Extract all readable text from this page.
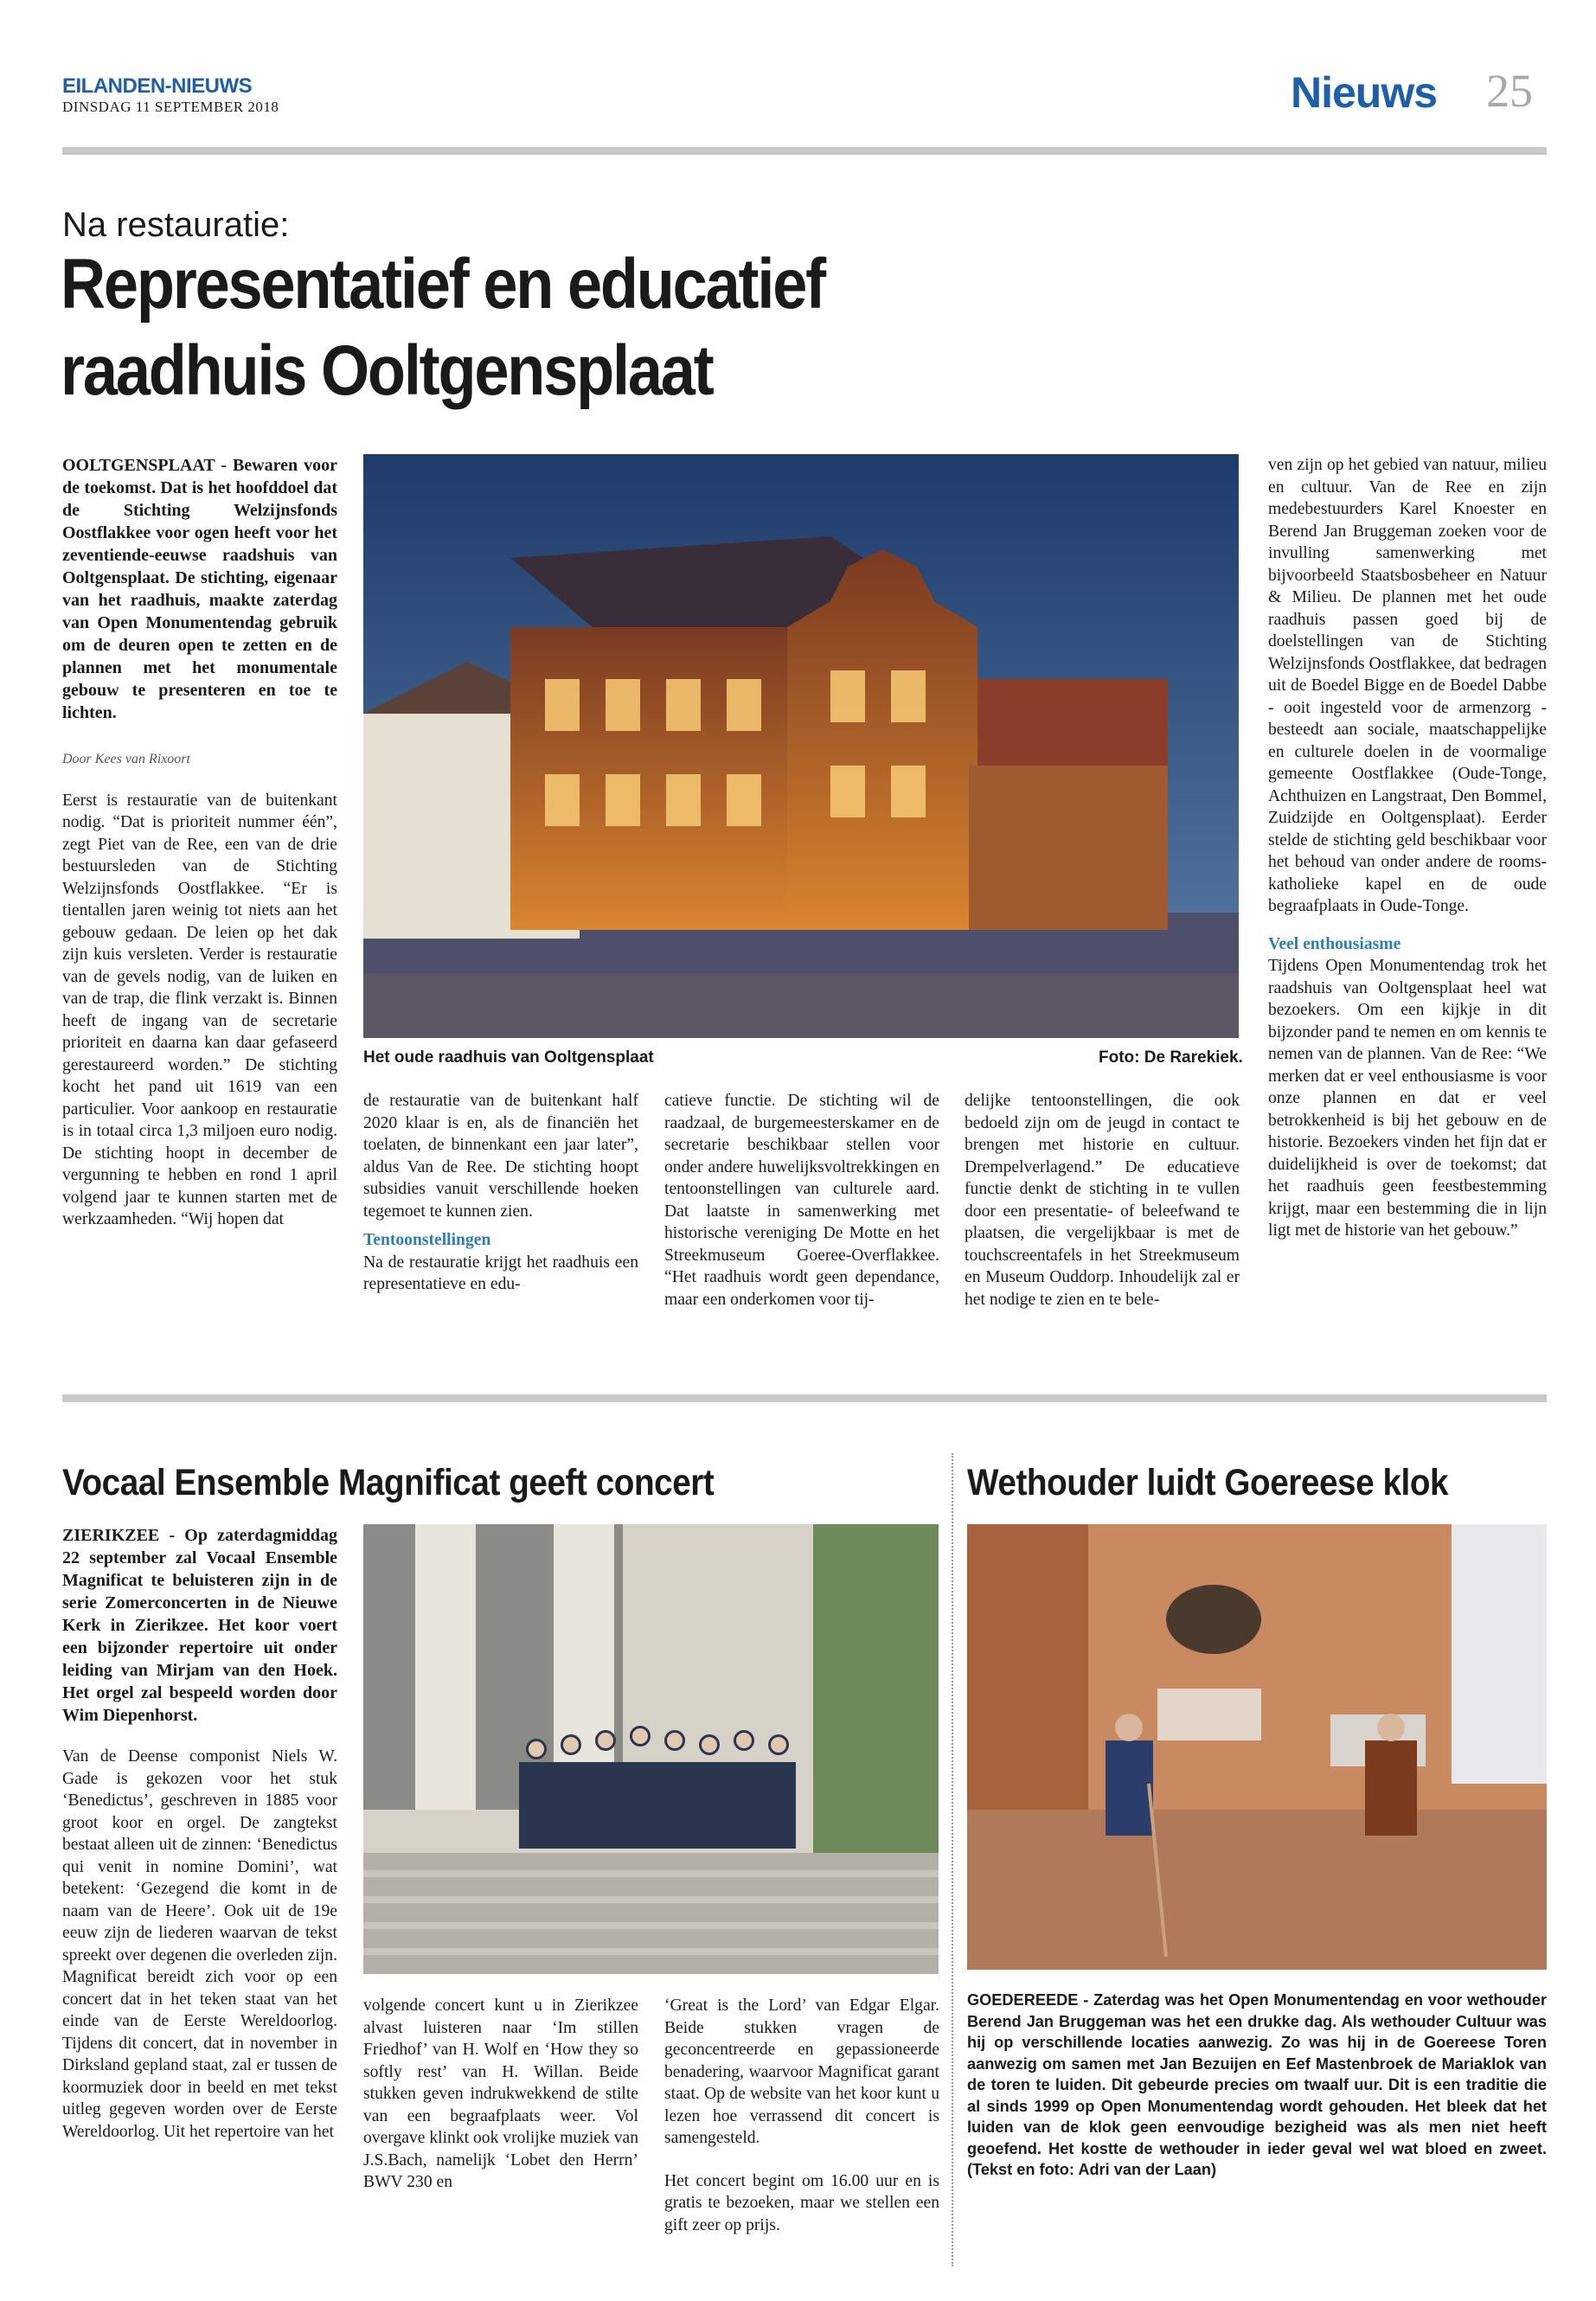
EILANDEN-NIEUWS
DINSDAG 11 SEPTEMBER 2018	Nieuws 25
Na restauratie:
Representatief en educatief
raadhuis Ooltgensplaat

OOLTGENSPLAAT - Bewaren voor de toekomst. Dat is het hoofddoel dat de Stichting Welzijnsfonds Oostflakkee voor ogen heeft voor het zeventiende-eeuwse raadshuis van Ooltgensplaat. De stichting, eigenaar van het raadhuis, maakte zaterdag van Open Monumentendag gebruik om de deuren open te zetten en de plannen met het monumentale gebouw te presenteren en toe te lichten.

Door Kees van Rixoort

Eerst is restauratie van de buitenkant nodig. “Dat is prioriteit nummer één”, zegt Piet van de Ree, een van de drie bestuursleden van de Stichting Welzijnsfonds Oostflakkee. “Er is tientallen jaren weinig tot niets aan het gebouw gedaan. De leien op het dak zijn kuis versleten. Verder is restauratie van de gevels nodig, van de luiken en van de trap, die flink verzakt is. Binnen heeft de ingang van de secretarie prioriteit en daarna kan daar gefaseerd gerestaureerd worden.” De stichting kocht het pand uit 1619 van een particulier. Voor aankoop en restauratie is in totaal circa 1,3 miljoen euro nodig. De stichting hoopt in december de vergunning te hebben en rond 1 april volgend jaar te kunnen starten met de werkzaamheden. “Wij hopen dat

Het oude raadhuis van Ooltgensplaat	Foto: De Rarekiek.

de restauratie van de buitenkant half 2020 klaar is en, als de financiën het toelaten, de binnenkant een jaar later”, aldus Van de Ree. De stichting hoopt subsidies vanuit verschillende hoeken tegemoet te kunnen zien.

Tentoonstellingen

Na de restauratie krijgt het raadhuis een representatieve en edu-

catieve functie. De stichting wil de raadzaal, de burgemeesterskamer en de secretarie beschikbaar stellen voor onder andere huwelijksvoltrekkingen en tentoonstellingen van culturele aard. Dat laatste in samenwerking met historische vereniging De Motte en het Streekmuseum Goeree-Overflakkee. “Het raadhuis wordt geen dependance, maar een onderkomen voor tij-

delijke tentoonstellingen, die ook bedoeld zijn om de jeugd in contact te brengen met historie en cultuur. Drempelverlagend.” De educatieve functie denkt de stichting in te vullen door een presentatie- of beleefwand te plaatsen, die vergelijkbaar is met de touchscreentafels in het Streekmuseum en Museum Ouddorp. Inhoudelijk zal er het nodige te zien en te bele-

ven zijn op het gebied van natuur, milieu en cultuur. Van de Ree en zijn medebestuurders Karel Knoester en Berend Jan Bruggeman zoeken voor de invulling samenwerking met bijvoorbeeld Staatsbosbeheer en Natuur & Milieu. De plannen met het oude raadhuis passen goed bij de doelstellingen van de Stichting Welzijnsfonds Oostflakkee, dat bedragen uit de Boedel Bigge en de Boedel Dabbe - ooit ingesteld voor de armenzorg - besteedt aan sociale, maatschappelijke en culturele doelen in de voormalige gemeente Oostflakkee (Oude-Tonge, Achthuizen en Langstraat, Den Bommel, Zuidzijde en Ooltgensplaat). Eerder stelde de stichting geld beschikbaar voor het behoud van onder andere de rooms-katholieke kapel en de oude begraafplaats in Oude-Tonge.

Veel enthousiasme

Tijdens Open Monumentendag trok het raadshuis van Ooltgensplaat heel wat bezoekers. Om een kijkje in dit bijzonder pand te nemen en om kennis te nemen van de plannen. Van de Ree: “We merken dat er veel enthousiasme is voor onze plannen en dat er veel betrokkenheid is bij het gebouw en de historie. Bezoekers vinden het fijn dat er duidelijkheid is over de toekomst; dat het raadhuis geen feestbestemming krijgt, maar een bestemming die in lijn ligt met de historie van het gebouw.”

Vocaal Ensemble Magnificat geeft concert

ZIERIKZEE - Op zaterdagmiddag 22 september zal Vocaal Ensemble Magnificat te beluisteren zijn in de serie Zomerconcerten in de Nieuwe Kerk in Zierikzee. Het koor voert een bijzonder repertoire uit onder leiding van Mirjam van den Hoek. Het orgel zal bespeeld worden door Wim Diepenhorst.

Van de Deense componist Niels W. Gade is gekozen voor het stuk ‘Benedictus’, geschreven in 1885 voor groot koor en orgel. De zangtekst bestaat alleen uit de zinnen: ‘Benedictus qui venit in nomine Domini’, wat betekent: ‘Gezegend die komt in de naam van de Heere’. Ook uit de 19e eeuw zijn de liederen waarvan de tekst spreekt over degenen die overleden zijn. Magnificat bereidt zich voor op een concert dat in het teken staat van het einde van de Eerste Wereldoorlog. Tijdens dit concert, dat in november in Dirksland gepland staat, zal er tussen de koormuziek door in beeld en met tekst uitleg gegeven worden over de Eerste Wereldoorlog. Uit het repertoire van het

volgende concert kunt u in Zierikzee alvast luisteren naar ‘Im stillen Friedhof’ van H. Wolf en ‘How they so softly rest’ van H. Willan. Beide stukken geven indrukwekkend de stilte van een begraafplaats weer. Vol overgave klinkt ook vrolijke muziek van J.S.Bach, namelijk ‘Lobet den Herrn’ BWV 230 en

‘Great is the Lord’ van Edgar Elgar. Beide stukken vragen de geconcentreerde en gepassioneerde benadering, waarvoor Magnificat garant staat. Op de website van het koor kunt u lezen hoe verrassend dit concert is samengesteld.

Het concert begint om 16.00 uur en is gratis te bezoeken, maar we stellen een gift zeer op prijs.

Wethouder luidt Goereese klok
GOEDEREEDE - Zaterdag was het Open Monumentendag en voor wethouder Berend Jan Bruggeman was het een drukke dag. Als wethouder Cultuur was hij op verschillende locaties aanwezig. Zo was hij in de Goereese Toren aanwezig om samen met Jan Bezuijen en Eef Mastenbroek de Mariaklok van de toren te luiden. Dit gebeurde precies om twaalf uur. Dit is een traditie die al sinds 1999 op Open Monumentendag wordt gehouden. Het bleek dat het luiden van de klok geen eenvoudige bezigheid was als men niet heeft geoefend. Het kostte de wethouder in ieder geval wel wat bloed en zweet. (Tekst en foto: Adri van der Laan)
